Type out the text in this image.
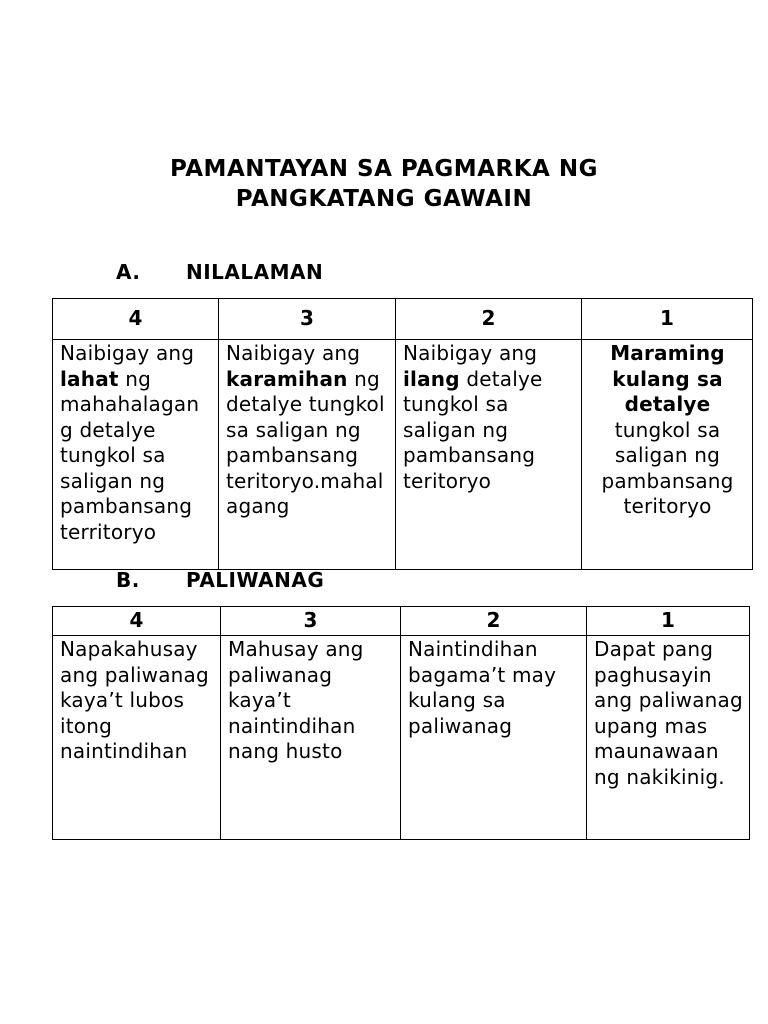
PAMANTAYAN SA PAGMARKA NG
PANGKATANG GAWAIN
A. NILALAMAN
4	3	2	1
Naibigay ang lahat ng mahahalagang detalye tungkol sa saligan ng pambansang territoryo	Naibigay ang karamihan ng detalye tungkol sa saligan ng pambansang teritoryo.mahalagang	Naibigay ang ilang detalye tungkol sa saligan ng pambansang teritoryo	Maraming kulang sa detalye tungkol sa saligan ng pambansang teritoryo
B. PALIWANAG
4	3	2	1
Napakahusay ang paliwanag kaya’t lubos itong naintindihan	Mahusay ang paliwanag kaya’t naintindihan nang husto	Naintindihan bagama’t may kulang sa paliwanag	Dapat pang paghusayin ang paliwanag upang mas maunawaan ng nakikinig.
